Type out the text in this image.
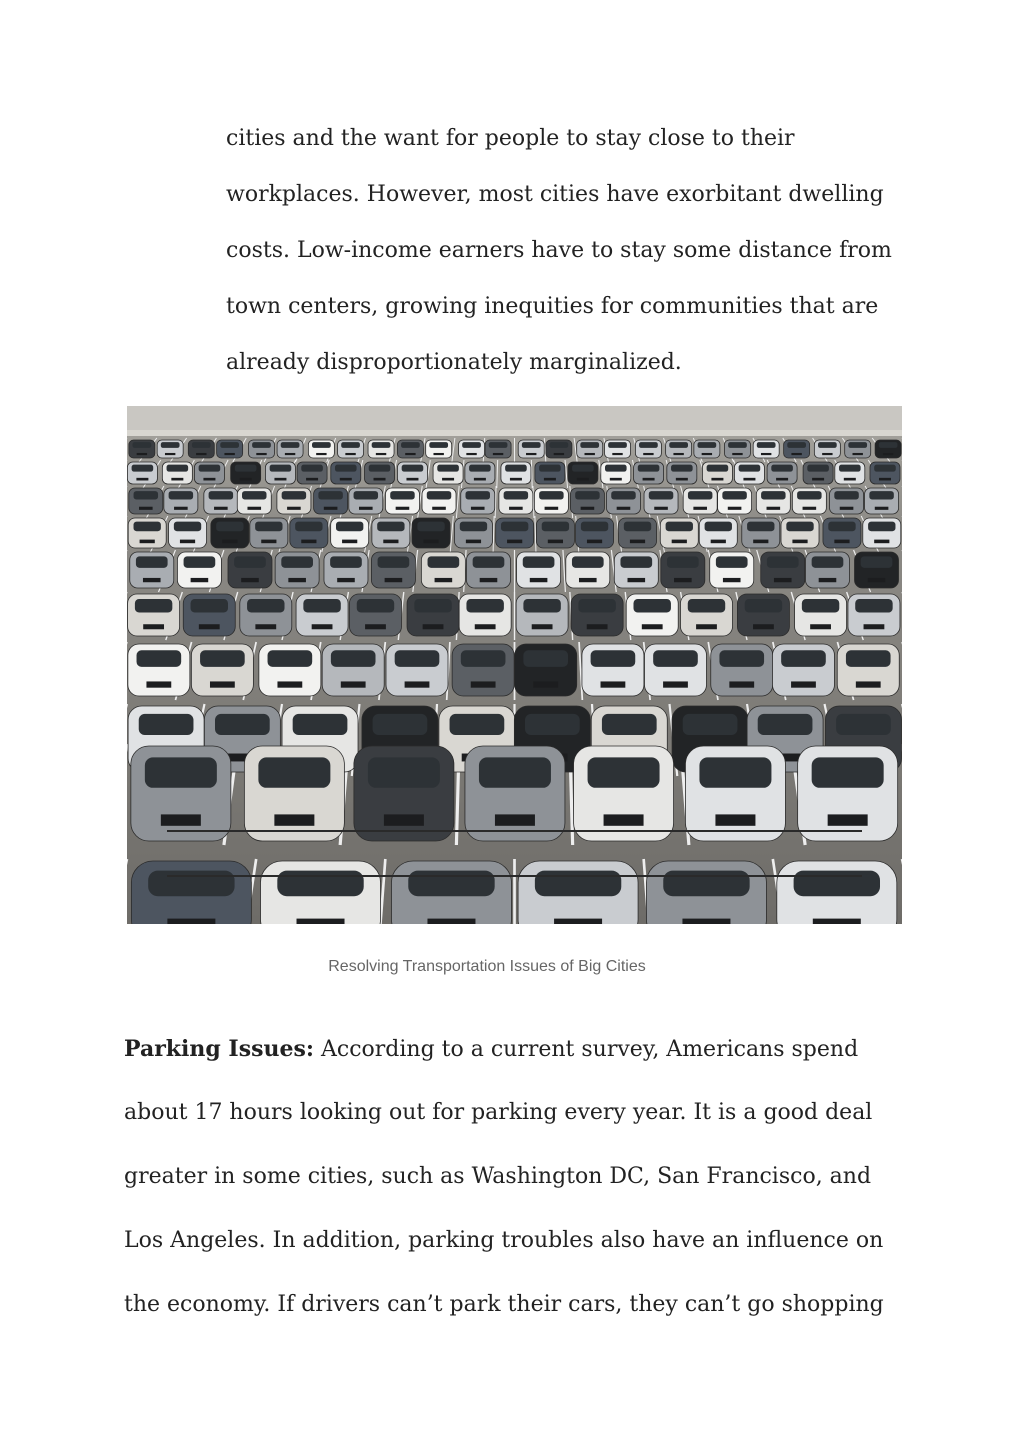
cities and the want for people to stay close to their
workplaces. However, most cities have exorbitant dwelling
costs. Low-income earners have to stay some distance from
town centers, growing inequities for communities that are
already disproportionately marginalized.
Resolving Transportation Issues of Big Cities
Parking Issues: According to a current survey, Americans spend
about 17 hours looking out for parking every year. It is a good deal
greater in some cities, such as Washington DC, San Francisco, and
Los Angeles. In addition, parking troubles also have an influence on
the economy. If drivers can’t park their cars, they can’t go shopping
